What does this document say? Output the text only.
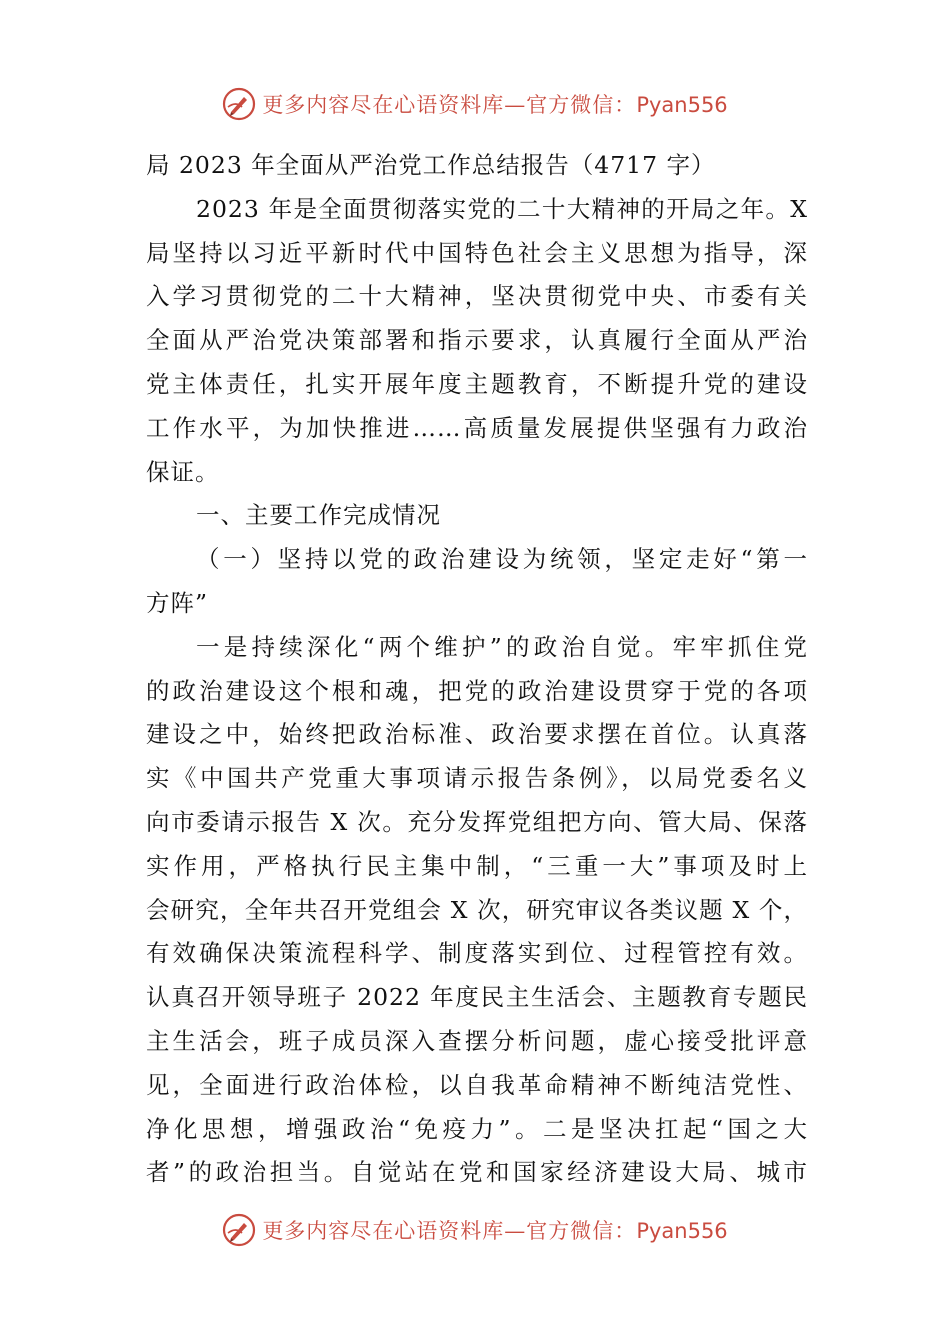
更多内容尽在心语资料库—官方微信：Pyan556
局 2023 年全面从严治党工作总结报告（4717 字）
2023 年是全面贯彻落实党的二十大精神的开局之年。X
局坚持以习近平新时代中国特色社会主义思想为指导，深
入学习贯彻党的二十大精神，坚决贯彻党中央、市委有关
全面从严治党决策部署和指示要求，认真履行全面从严治
党主体责任，扎实开展年度主题教育，不断提升党的建设
工作水平，为加快推进……高质量发展提供坚强有力政治
保证。
一、主要工作完成情况
（一）坚持以党的政治建设为统领，坚定走好“第一
方阵”
一是持续深化“两个维护”的政治自觉。牢牢抓住党
的政治建设这个根和魂，把党的政治建设贯穿于党的各项
建设之中，始终把政治标准、政治要求摆在首位。认真落
实《中国共产党重大事项请示报告条例》，以局党委名义
向市委请示报告 X 次。充分发挥党组把方向、管大局、保落
实作用，严格执行民主集中制，“三重一大”事项及时上
会研究，全年共召开党组会 X 次，研究审议各类议题 X 个，
有效确保决策流程科学、制度落实到位、过程管控有效。
认真召开领导班子 2022 年度民主生活会、主题教育专题民
主生活会，班子成员深入查摆分析问题，虚心接受批评意
见，全面进行政治体检，以自我革命精神不断纯洁党性、
净化思想，增强政治“免疫力”。二是坚决扛起“国之大
者”的政治担当。自觉站在党和国家经济建设大局、城市
更多内容尽在心语资料库—官方微信：Pyan556
